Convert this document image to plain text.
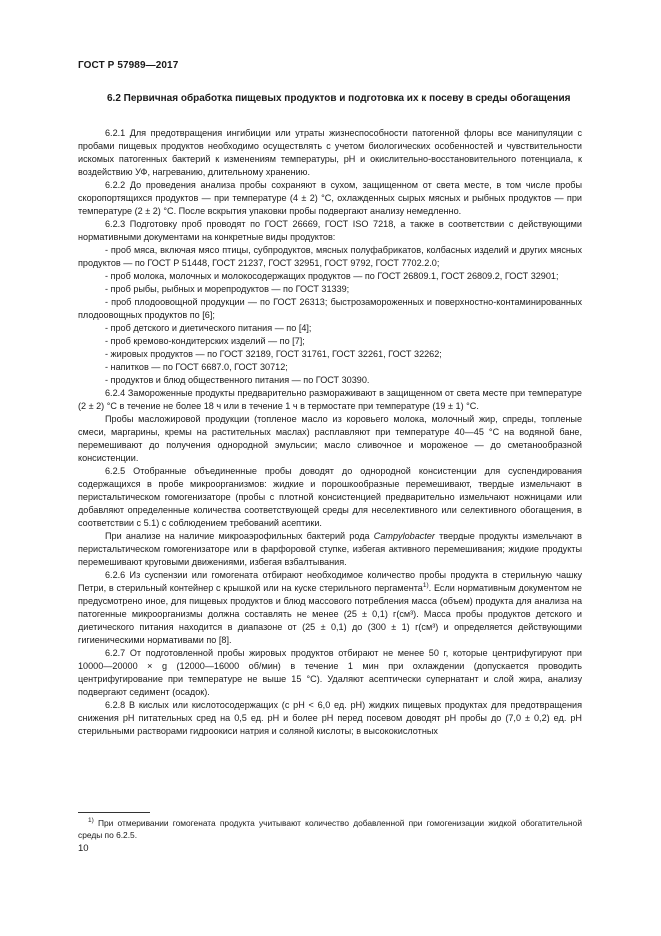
ГОСТ Р 57989—2017
6.2 Первичная обработка пищевых продуктов и подготовка их к посеву в среды обогащения

6.2.1 Для предотвращения ингибиции или утраты жизнеспособности патогенной флоры все манипуляции с пробами пищевых продуктов необходимо осуществлять с учетом биологических особенностей и чувствительности искомых патогенных бактерий к изменениям температуры, pH и окислительно-восстановительного потенциала, к воздействию УФ, нагреванию, длительному хранению.

6.2.2 До проведения анализа пробы сохраняют в сухом, защищенном от света месте, в том числе пробы скоропортящихся продуктов — при температуре (4 ± 2) °С, охлажденных сырых мясных и рыбных продуктов — при температуре (2 ± 2) °С. После вскрытия упаковки пробы подвергают анализу немедленно.

6.2.3 Подготовку проб проводят по ГОСТ 26669, ГОСТ ISO 7218, а также в соответствии с действующими нормативными документами на конкретные виды продуктов:

- проб мяса, включая мясо птицы, субпродуктов, мясных полуфабрикатов, колбасных изделий и других мясных продуктов — по ГОСТ Р 51448, ГОСТ 21237, ГОСТ 32951, ГОСТ 9792, ГОСТ 7702.2.0;

- проб молока, молочных и молокосодержащих продуктов — по ГОСТ 26809.1, ГОСТ 26809.2, ГОСТ 32901;

- проб рыбы, рыбных и морепродуктов — по ГОСТ 31339;

- проб плодоовощной продукции — по ГОСТ 26313; быстрозамороженных и поверхностно-контаминированных плодоовощных продуктов по [6];

- проб детского и диетического питания — по [4];

- проб кремово-кондитерских изделий — по [7];

- жировых продуктов — по ГОСТ 32189, ГОСТ 31761, ГОСТ 32261, ГОСТ 32262;

- напитков — по ГОСТ 6687.0, ГОСТ 30712;

- продуктов и блюд общественного питания — по ГОСТ 30390.

6.2.4 Замороженные продукты предварительно размораживают в защищенном от света месте при температуре (2 ± 2) °С в течение не более 18 ч или в течение 1 ч в термостате при температуре (19 ± 1) °С.

Пробы масложировой продукции (топленое масло из коровьего молока, молочный жир, спреды, топленые смеси, маргарины, кремы на растительных маслах) расплавляют при температуре 40—45 °С на водяной бане, перемешивают до получения однородной эмульсии; масло сливочное и мороженое — до сметанообразной консистенции.

6.2.5 Отобранные объединенные пробы доводят до однородной консистенции для суспендирования содержащихся в пробе микроорганизмов: жидкие и порошкообразные перемешивают, твердые измельчают в перистальтическом гомогенизаторе (пробы с плотной консистенцией предварительно измельчают ножницами или добавляют определенные количества соответствующей среды для неселективного или селективного обогащения, в соответствии с 5.1) с соблюдением требований асептики.

При анализе на наличие микроаэрофильных бактерий рода Campylobacter твердые продукты измельчают в перистальтическом гомогенизаторе или в фарфоровой ступке, избегая активного перемешивания; жидкие продукты перемешивают круговыми движениями, избегая взбалтывания.

6.2.6 Из суспензии или гомогената отбирают необходимое количество пробы продукта в стерильную чашку Петри, в стерильный контейнер с крышкой или на куске стерильного пергамента$^{1)}$. Если нормативным документом не предусмотрено иное, для пищевых продуктов и блюд массового потребления масса (объем) продукта для анализа на патогенные микроорганизмы должна составлять не менее (25 ± 0,1) г(см³). Масса пробы продуктов детского и диетического питания находится в диапазоне от (25 ± 0,1) до (300 ± 1) г(см³) и определяется действующими гигиеническими нормативами по [8].

6.2.7 От подготовленной пробы жировых продуктов отбирают не менее 50 г, которые центрифугируют при 10000—20000 × g (12000—16000 об/мин) в течение 1 мин при охлаждении (допускается проводить центрифугирование при температуре не выше 15 °С). Удаляют асептически супернатант и слой жира, анализу подвергают седимент (осадок).

6.2.8 В кислых или кислотосодержащих (с pH < 6,0 ед. pH) жидких пищевых продуктах для предотвращения снижения pH питательных сред на 0,5 ед. pH и более pH перед посевом доводят pH пробы до (7,0 ± 0,2) ед. pH стерильными растворами гидроокиси натрия и соляной кислоты; в высококислотных

$^{1)}$ При отмеривании гомогената продукта учитывают количество добавленной при гомогенизации жидкой обогатительной среды по 6.2.5.
10
